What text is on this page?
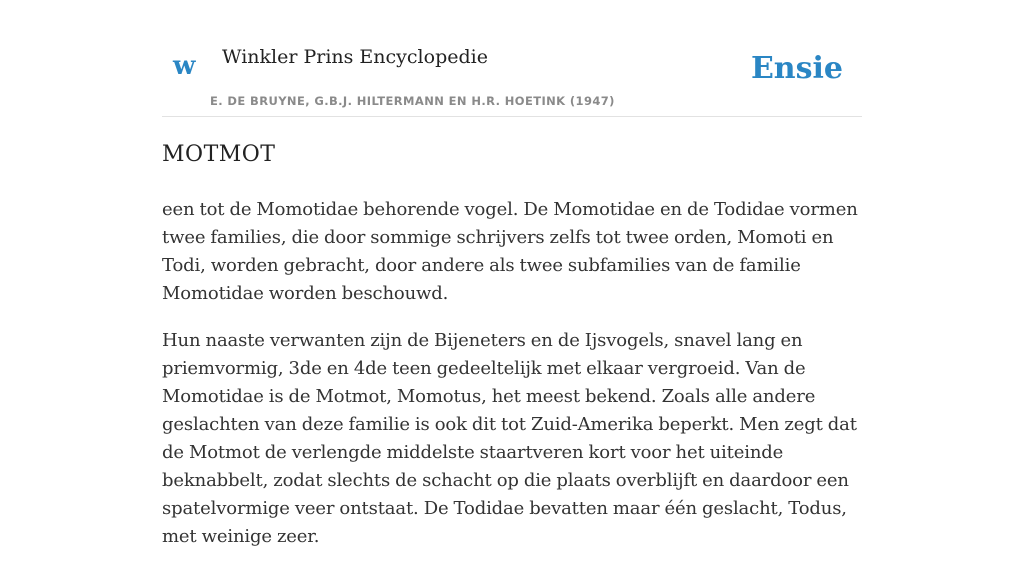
w Winkler Prins Encyclopedie
E. DE BRUYNE, G.B.J. HILTERMANN EN H.R. HOETINK (1947)
Ensie
MOTMOT

een tot de Momotidae behorende vogel. De Momotidae en de Todidae vormen twee families, die door sommige schrijvers zelfs tot twee orden, Momoti en Todi, worden gebracht, door andere als twee subfamilies van de familie Momotidae worden beschouwd.

Hun naaste verwanten zijn de Bijeneters en de Ijsvogels, snavel lang en priemvormig, 3de en 4de teen gedeeltelijk met elkaar vergroeid. Van de Momotidae is de Motmot, Momotus, het meest bekend. Zoals alle andere geslachten van deze familie is ook dit tot Zuid-Amerika beperkt. Men zegt dat de Motmot de verlengde middelste staartveren kort voor het uiteinde beknabbelt, zodat slechts de schacht op die plaats overblijft en daardoor een spatelvormige veer ontstaat. De Todidae bevatten maar één geslacht, Todus, met weinige zeer.
